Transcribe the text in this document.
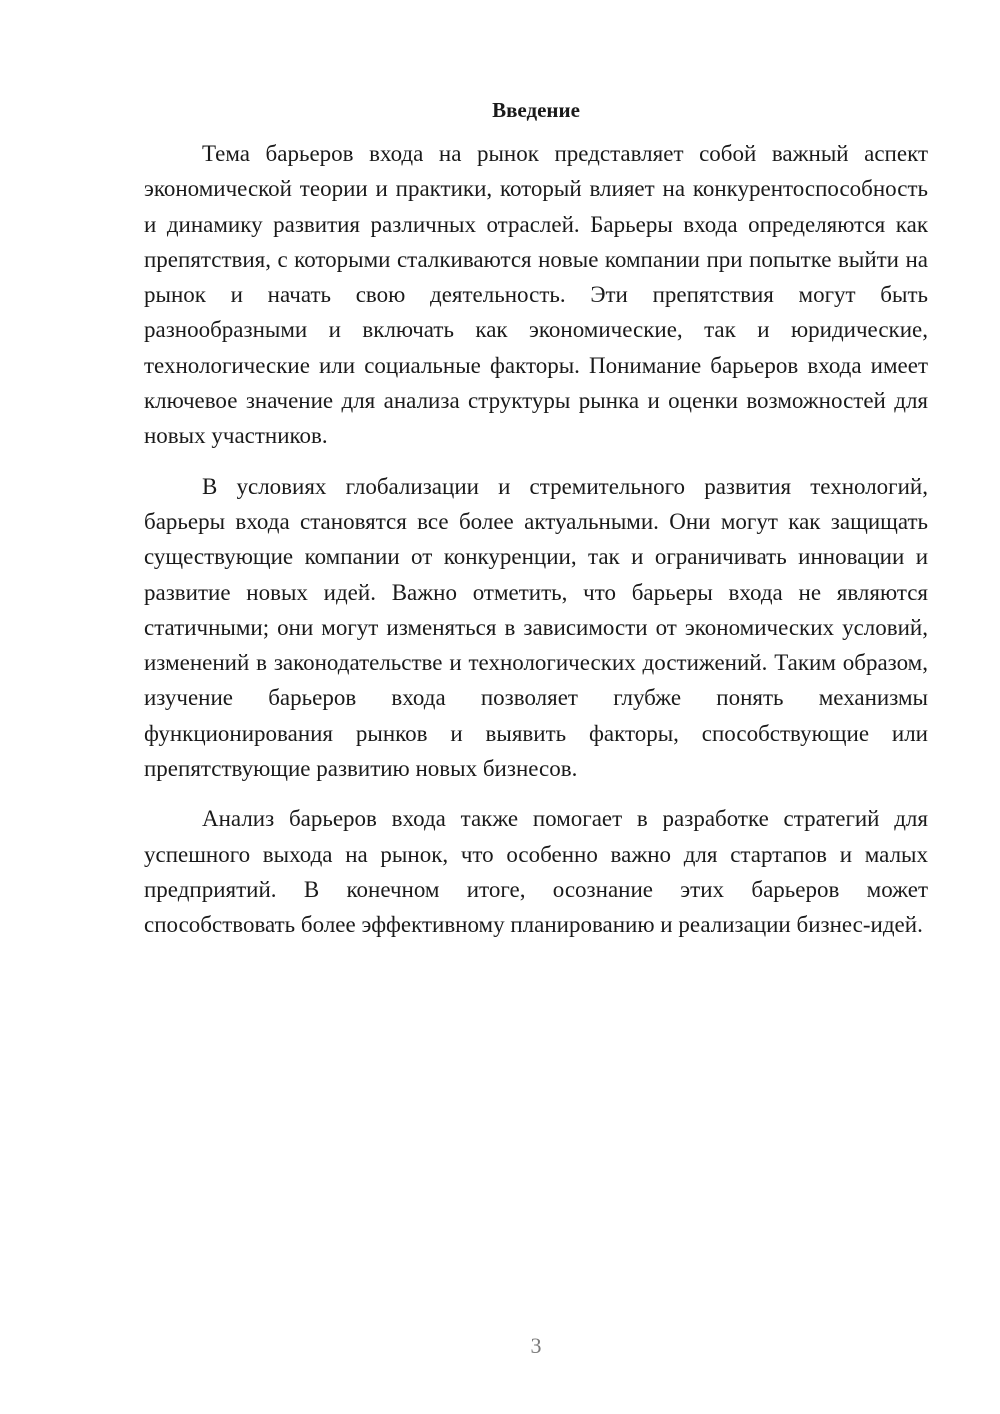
Введение

Тема барьеров входа на рынок представляет собой важный аспект экономической теории и практики, который влияет на конкурентоспособность и динамику развития различных отраслей. Барьеры входа определяются как препятствия, с которыми сталкиваются новые компании при попытке выйти на рынок и начать свою деятельность. Эти препятствия могут быть разнообразными и включать как экономические, так и юридические, технологические или социальные факторы. Понимание барьеров входа имеет ключевое значение для анализа структуры рынка и оценки возможностей для новых участников.

В условиях глобализации и стремительного развития технологий, барьеры входа становятся все более актуальными. Они могут как защищать существующие компании от конкуренции, так и ограничивать инновации и развитие новых идей. Важно отметить, что барьеры входа не являются статичными; они могут изменяться в зависимости от экономических условий, изменений в законодательстве и технологических достижений. Таким образом, изучение барьеров входа позволяет глубже понять механизмы функционирования рынков и выявить факторы, способствующие или препятствующие развитию новых бизнесов.

Анализ барьеров входа также помогает в разработке стратегий для успешного выхода на рынок, что особенно важно для стартапов и малых предприятий. В конечном итоге, осознание этих барьеров может способствовать более эффективному планированию и реализации бизнес-идей.

3
